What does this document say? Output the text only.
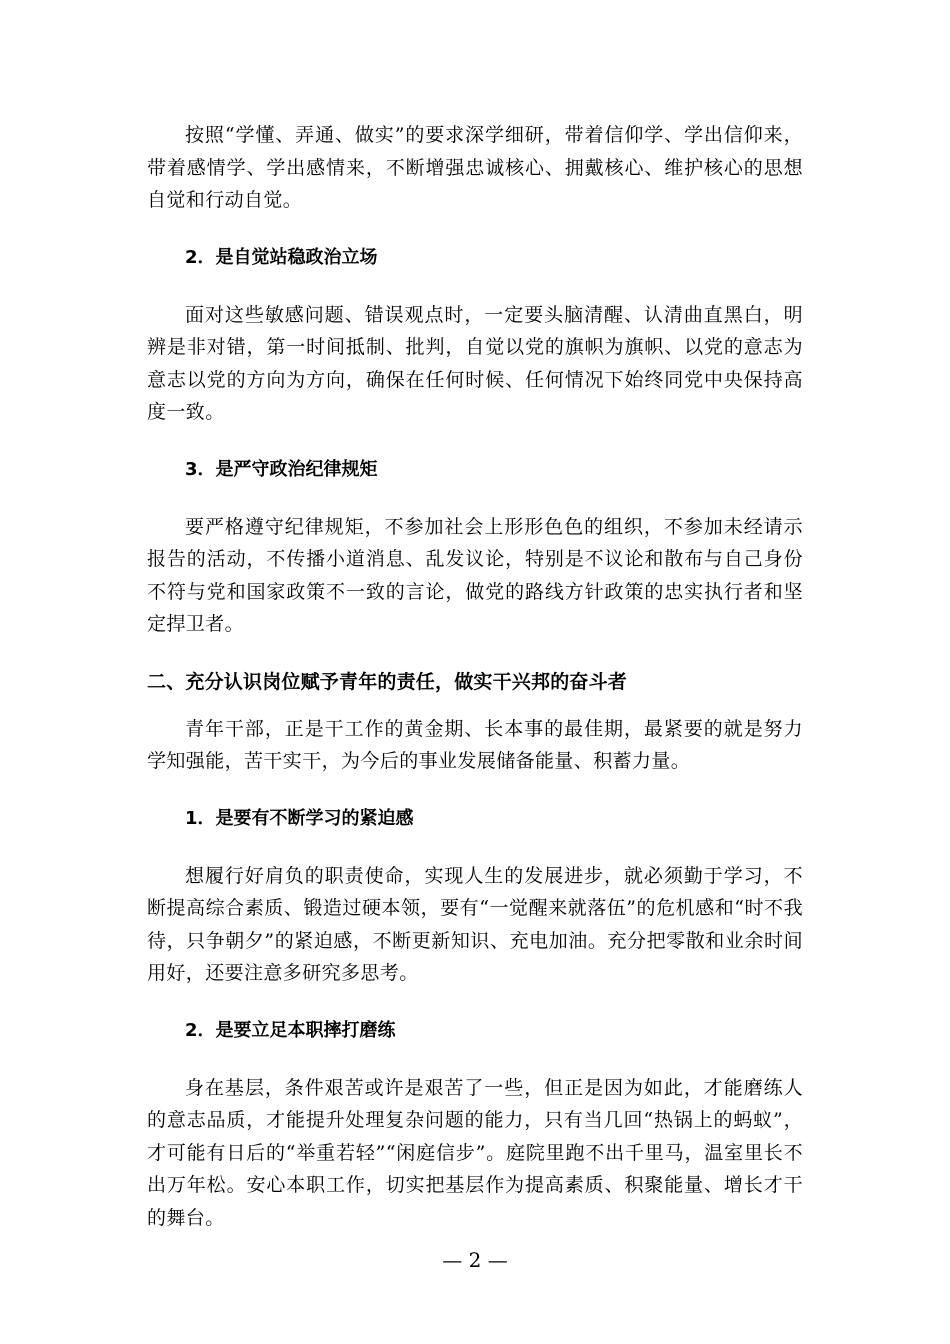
按照“学懂、弄通、做实”的要求深学细研，带着信仰学、学出信仰来，带着感情学、学出感情来，不断增强忠诚核心、拥戴核心、维护核心的思想自觉和行动自觉。

2．是自觉站稳政治立场

面对这些敏感问题、错误观点时，一定要头脑清醒、认清曲直黑白，明辨是非对错，第一时间抵制、批判，自觉以党的旗帜为旗帜、以党的意志为意志以党的方向为方向，确保在任何时候、任何情况下始终同党中央保持高度一致。

3．是严守政治纪律规矩

要严格遵守纪律规矩，不参加社会上形形色色的组织，不参加未经请示报告的活动，不传播小道消息、乱发议论，特别是不议论和散布与自己身份不符与党和国家政策不一致的言论，做党的路线方针政策的忠实执行者和坚定捍卫者。

二、充分认识岗位赋予青年的责任，做实干兴邦的奋斗者

青年干部，正是干工作的黄金期、长本事的最佳期，最紧要的就是努力学知强能，苦干实干，为今后的事业发展储备能量、积蓄力量。

1．是要有不断学习的紧迫感

想履行好肩负的职责使命，实现人生的发展进步，就必须勤于学习，不断提高综合素质、锻造过硬本领，要有“一觉醒来就落伍”的危机感和“时不我待，只争朝夕”的紧迫感，不断更新知识、充电加油。充分把零散和业余时间用好，还要注意多研究多思考。

2．是要立足本职摔打磨练

身在基层，条件艰苦或许是艰苦了一些，但正是因为如此，才能磨练人的意志品质，才能提升处理复杂问题的能力，只有当几回“热锅上的蚂蚁”，才可能有日后的“举重若轻”“闲庭信步”。庭院里跑不出千里马，温室里长不出万年松。安心本职工作，切实把基层作为提高素质、积聚能量、增长才干的舞台。

— 2 —
